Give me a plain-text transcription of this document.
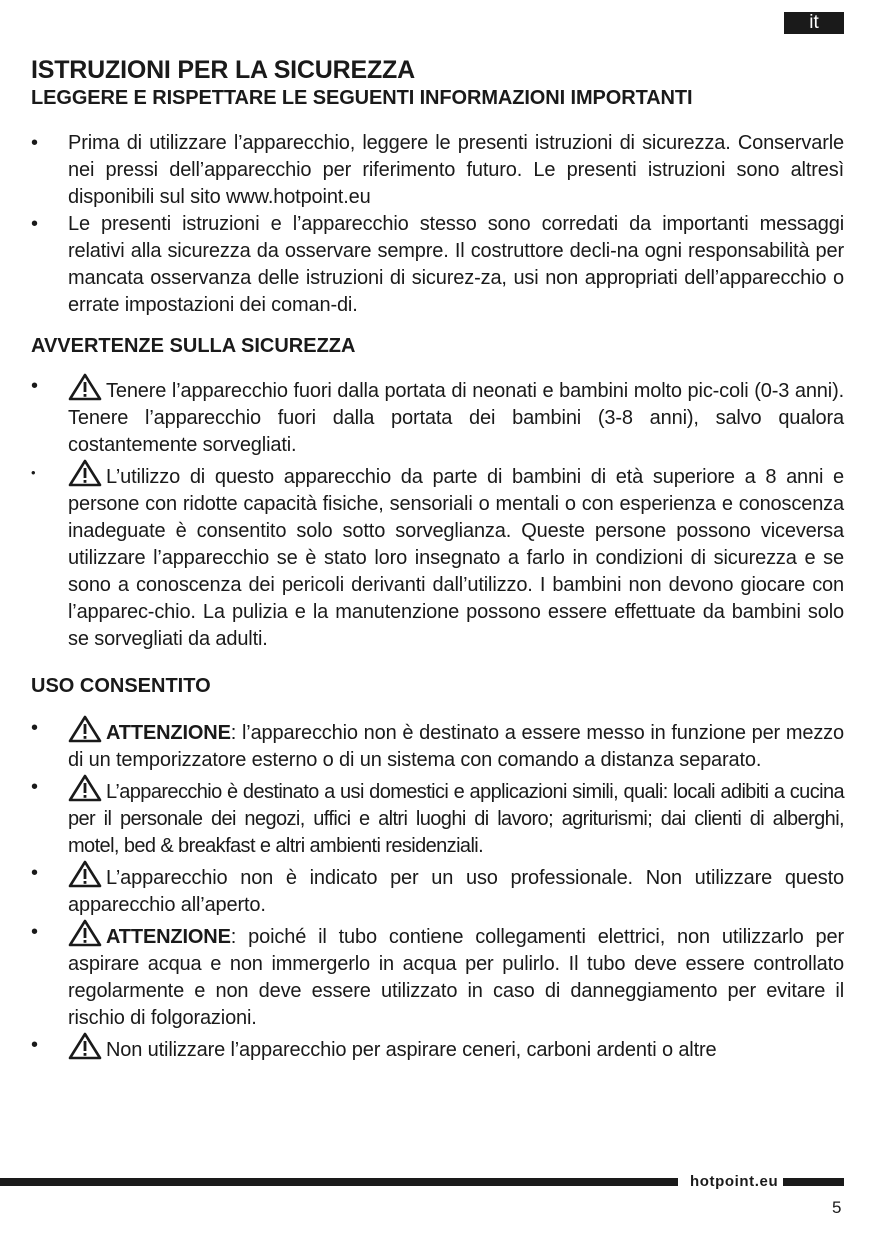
it
ISTRUZIONI PER LA SICUREZZA
LEGGERE E RISPETTARE LE SEGUENTI INFORMAZIONI IMPORTANTI
• Prima di utilizzare l’apparecchio, leggere le presenti istruzioni di sicurezza. Conservarle nei pressi dell’apparecchio per riferimento futuro. Le presenti istruzioni sono altresì disponibili sul sito www.hotpoint.eu
• Le presenti istruzioni e l’apparecchio stesso sono corredati da importanti messaggi relativi alla sicurezza da osservare sempre. Il costruttore decli-na ogni responsabilità per mancata osservanza delle istruzioni di sicurez-za, usi non appropriati dell’apparecchio o errate impostazioni dei coman-di.
AVVERTENZE SULLA SICUREZZA
•	Tenere l’apparecchio fuori dalla portata di neonati e bambini molto pic-coli (0-3 anni). Tenere l’apparecchio fuori dalla portata dei bambini (3-8 anni), salvo qualora costantemente sorvegliati.
•	L’utilizzo di questo apparecchio da parte di bambini di età superiore a 8 anni e persone con ridotte capacità fisiche, sensoriali o mentali o con esperienza e conoscenza inadeguate è consentito solo sotto sorveglianza. Queste persone possono viceversa utilizzare l’apparecchio se è stato loro insegnato a farlo in condizioni di sicurezza e se sono a conoscenza dei pericoli derivanti dall’utilizzo. I bambini non devono giocare con l’apparec-chio. La pulizia e la manutenzione possono essere effettuate da bambini solo se sorvegliati da adulti.
USO CONSENTITO
•	ATTENZIONE: l’apparecchio non è destinato a essere messo in funzione per mezzo di un temporizzatore esterno o di un sistema con comando a distanza separato.
•	L’apparecchio è destinato a usi domestici e applicazioni simili, quali: locali adibiti a cucina per il personale dei negozi, uffici e altri luoghi di lavoro; agriturismi; dai clienti di alberghi, motel, bed & breakfast e altri ambienti residenziali.
•	L’apparecchio non è indicato per un uso professionale. Non utilizzare questo apparecchio all’aperto.
•	ATTENZIONE: poiché il tubo contiene collegamenti elettrici, non utilizzarlo per aspirare acqua e non immergerlo in acqua per pulirlo. Il tubo deve essere controllato regolarmente e non deve essere utilizzato in caso di danneggiamento per evitare il rischio di folgorazioni.
•	Non utilizzare l’apparecchio per aspirare ceneri, carboni ardenti o altre
hotpoint.eu
5
